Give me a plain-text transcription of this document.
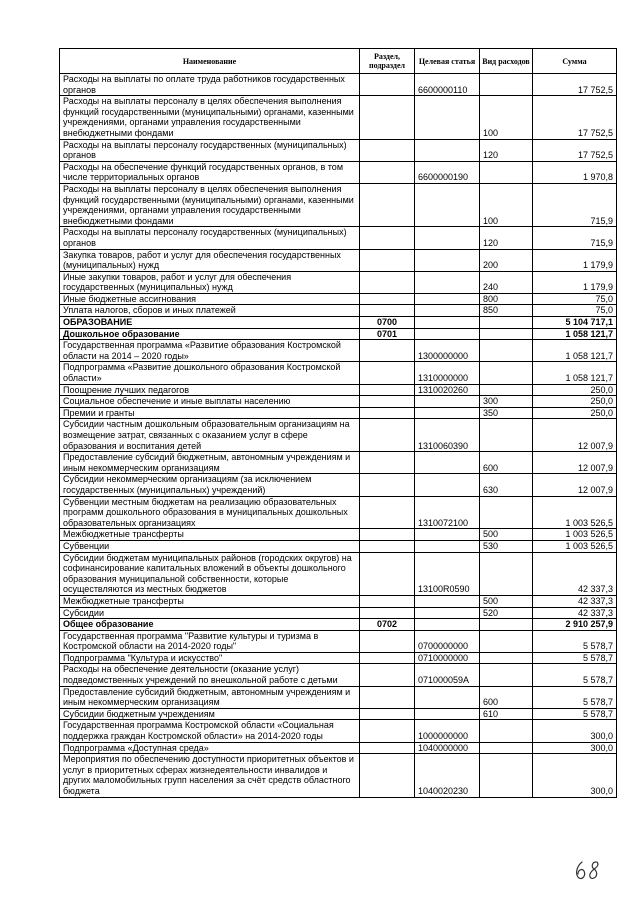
Наименование	Раздел, подраздел	Целевая статья	Вид расходов	Сумма
Расходы на выплаты по оплате труда работников государственных органов		6600000110		17 752,5
Расходы на выплаты персоналу в целях обеспечения выполнения функций государственными (муниципальными) органами, казенными учреждениями, органами управления государственными внебюджетными фондами			100	17 752,5
Расходы на выплаты персоналу государственных (муниципальных) органов			120	17 752,5
Расходы на обеспечение функций государственных органов, в том числе территориальных органов		6600000190		1 970,8
Расходы на выплаты персоналу в целях обеспечения выполнения функций государственными (муниципальными) органами, казенными учреждениями, органами управления государственными внебюджетными фондами			100	715,9
Расходы на выплаты персоналу государственных (муниципальных) органов			120	715,9
Закупка товаров, работ и услуг для обеспечения государственных (муниципальных) нужд			200	1 179,9
Иные закупки товаров, работ и услуг для обеспечения государственных (муниципальных) нужд			240	1 179,9
Иные бюджетные ассигнования			800	75,0
Уплата налогов, сборов и иных платежей			850	75,0
ОБРАЗОВАНИЕ	0700			5 104 717,1
Дошкольное образование	0701			1 058 121,7
Государственная программа «Развитие образования Костромской области на 2014 – 2020 годы»		1300000000		1 058 121,7
Подпрограмма «Развитие дошкольного образования Костромской области»		1310000000		1 058 121,7
Поощрение лучших педагогов		1310020260		250,0
Социальное обеспечение и иные выплаты населению			300	250,0
Премии и гранты			350	250,0
Субсидии частным дошкольным образовательным организациям на возмещение затрат, связанных с оказанием услуг в сфере образования и воспитания детей		1310060390		12 007,9
Предоставление субсидий бюджетным, автономным учреждениям и иным некоммерческим организациям			600	12 007,9
Субсидии некоммерческим организациям (за исключением государственных (муниципальных) учреждений)			630	12 007,9
Субвенции местным бюджетам на реализацию образовательных программ дошкольного образования в муниципальных дошкольных образовательных организациях		1310072100		1 003 526,5
Межбюджетные трансферты			500	1 003 526,5
Субвенции			530	1 003 526,5
Субсидии бюджетам муниципальных районов (городских округов) на софинансирование капитальных вложений в объекты дошкольного образования муниципальной собственности, которые осуществляются из местных бюджетов		13100R0590		42 337,3
Межбюджетные трансферты			500	42 337,3
Субсидии			520	42 337,3
Общее образование	0702			2 910 257,9
Государственная программа "Развитие культуры и туризма в Костромской области на 2014-2020 годы"		0700000000		5 578,7
Подпрограмма "Культура и искусство"		0710000000		5 578,7
Расходы на обеспечение деятельности (оказание услуг) подведомственных учреждений по внешкольной работе с детьми		071000059А		5 578,7
Предоставление субсидий бюджетным, автономным учреждениям и иным некоммерческим организациям			600	5 578,7
Субсидии бюджетным учреждениям			610	5 578,7
Государственная программа Костромской области «Социальная поддержка граждан Костромской области» на 2014-2020 годы		1000000000		300,0
Подпрограмма «Доступная среда»		1040000000		300,0
Мероприятия по обеспечению доступности приоритетных объектов и услуг в приоритетных сферах жизнедеятельности инвалидов и других маломобильных групп населения за счёт средств областного бюджета		1040020230		300,0
